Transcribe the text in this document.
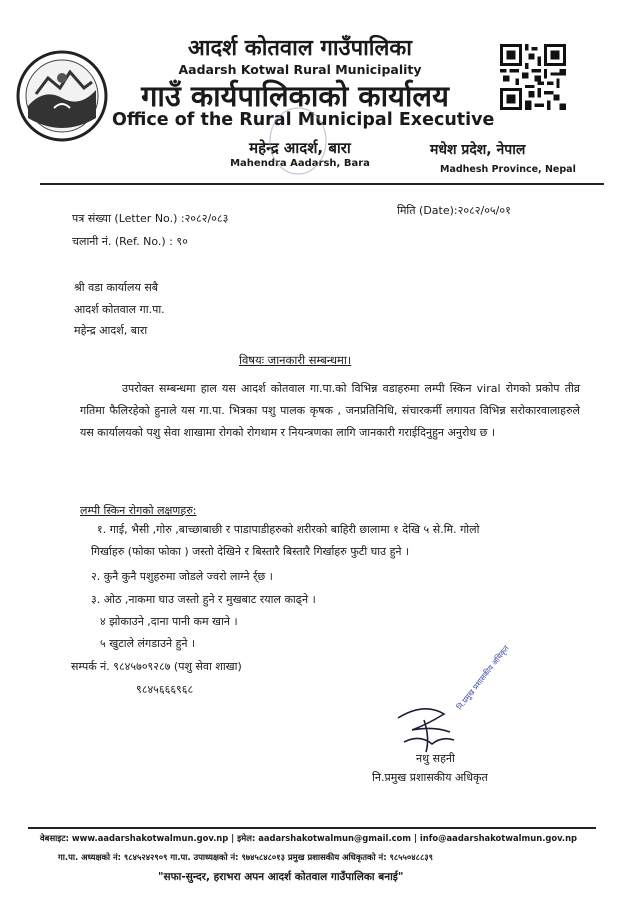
आदर्श कोतवाल गाउँपालिका
Aadarsh Kotwal Rural Municipality
गाउँ कार्यपालिकाको कार्यालय
Office of the Rural Municipal Executive
महेन्द्र आदर्श, बारा
Mahendra Aadarsh, Bara
मधेश प्रदेश, नेपाल
Madhesh Province, Nepal
पत्र संख्या (Letter No.) :२०८२/०८३
मिति (Date):२०८२/०५/०१
चलानी नं. (Ref. No.) : ९०
श्री वडा कार्यालय सबै
आदर्श कोतवाल गा.पा.
महेन्द्र आदर्श, बारा
विषयः जानकारी सम्बन्धमा।
उपरोक्त सम्बन्धमा हाल यस आदर्श कोतवाल गा.पा.को विभिन्न वडाहरुमा लम्पी स्किन viral रोगको प्रकोप तीव्र गतिमा फैलिरहेको हुनाले यस गा.पा. भित्रका पशु पालक कृषक , जनप्रतिनिधि, संचारकर्मी लगायत विभिन्न सरोकारवालाहरुले यस कार्यालयको पशु सेवा शाखामा रोगको रोगथाम र नियन्त्रणका लागि जानकारी गराईदिनुहुन अनुरोध छ ।
लम्पी स्किन रोगको लक्षणहरु:
१. गाई, भैसी ,गोरु ,बाच्छाबाछी र पाडापाडीहरुको शरीरको बाहिरी छालामा १ देखि ५ से.मि. गोलो
गिर्खाहरु (फोका फोका ) जस्तो देखिने र बिस्तारै बिस्तारै गिर्खाहरु फुटी घाउ हुने ।
२. कुनै कुनै पशुहरुमा जोडले ज्वरो लाग्ने र्र्छ ।
३. ओठ ,नाकमा घाउ जस्तो हुने र मुखबाट रयाल काढ्ने ।
४ झोकाउने ,दाना पानी कम खाने ।
५ खुटाले लंगडाउने हुने ।
सम्पर्क नं. ९८४५७०९२८७ (पशु सेवा शाखा)
९८४५६६६९६८	नि.प्रमुख प्रशासकीय अधिकृत
नथु सहनी
नि.प्रमुख प्रशासकीय अधिकृत
वेबसाइट: www.aadarshakotwalmun.gov.np | इमेल: aadarshakotwalmun@gmail.com | info@aadarshakotwalmun.gov.np
गा.पा. अध्यक्षको नं: ९८४५२४२९०९ गा.पा. उपाध्यक्षको नं: ९७४५८४८०१३ प्रमुख प्रशासकीय अधिकृतको नं: ९८५५०४८८३९
"सफा-सुन्दर, हराभरा अपन आदर्श कोतवाल गाउँपालिका बनाई"
